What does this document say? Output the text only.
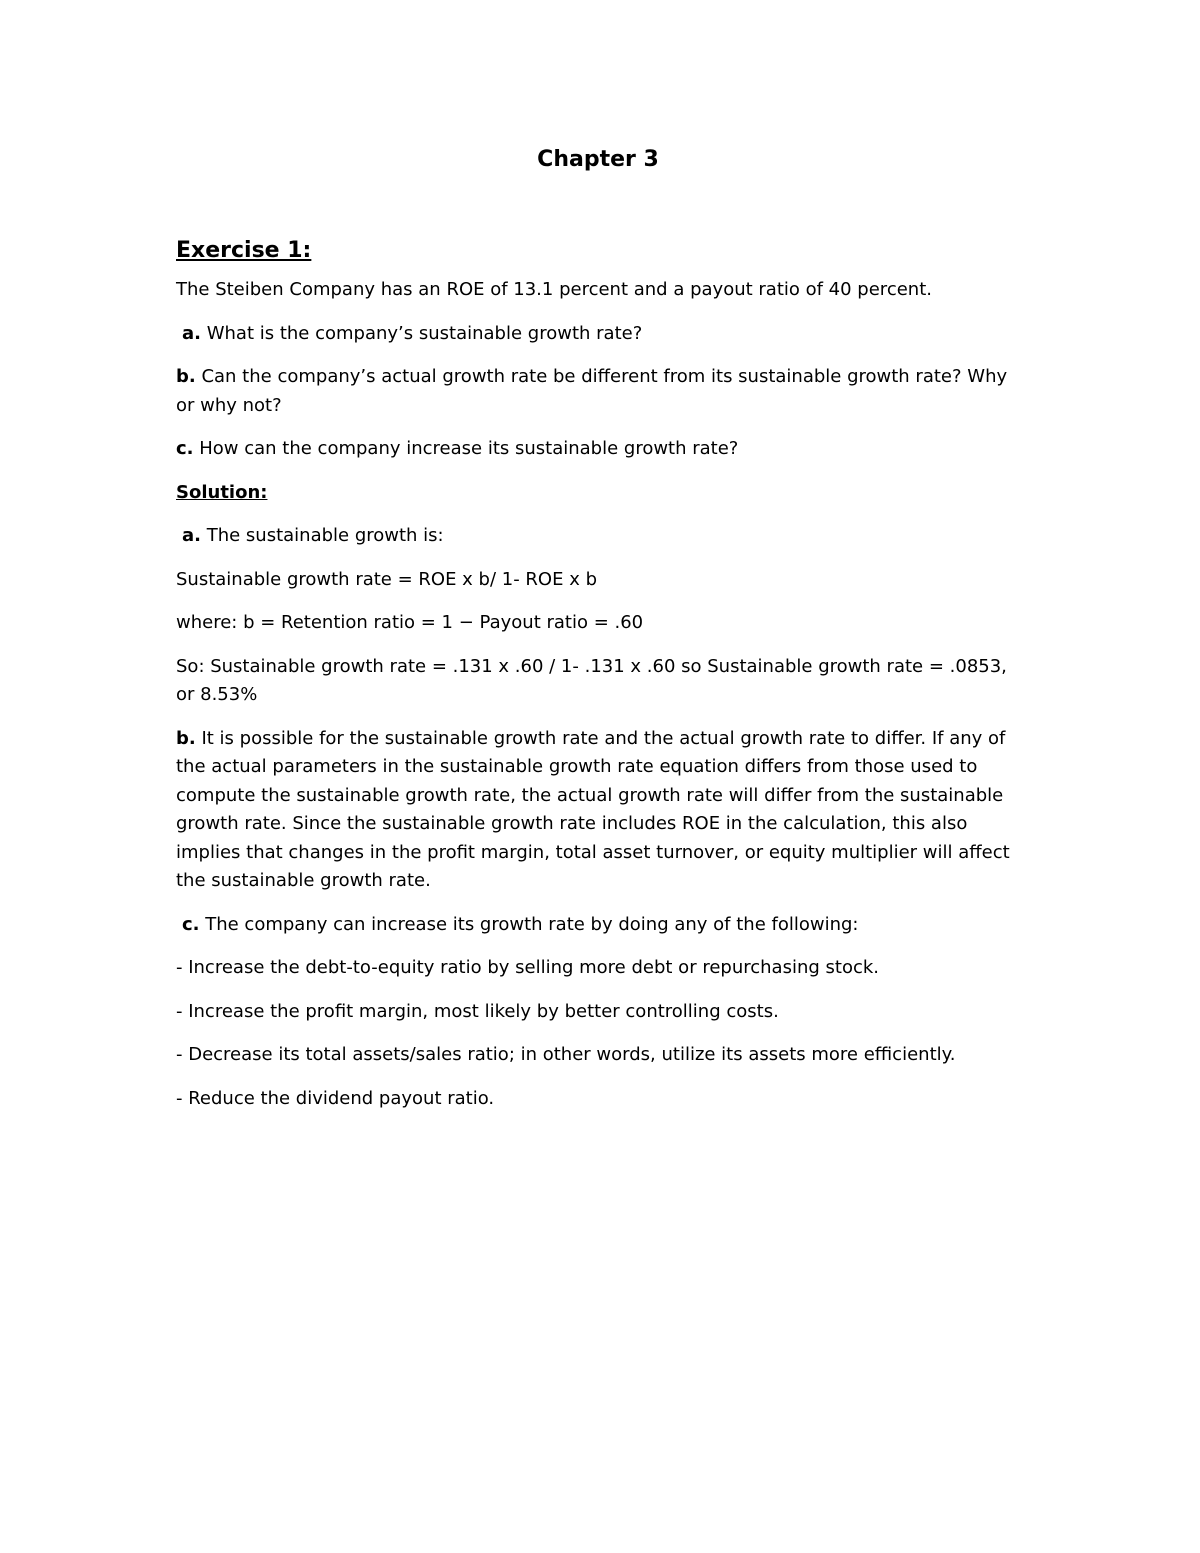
Chapter 3
Exercise 1:

The Steiben Company has an ROE of 13.1 percent and a payout ratio of 40 percent.

a. What is the company’s sustainable growth rate?

b. Can the company’s actual growth rate be different from its sustainable growth rate? Why or why not?

c. How can the company increase its sustainable growth rate?

Solution:

a. The sustainable growth is:

Sustainable growth rate = ROE x b/ 1- ROE x b

where: b = Retention ratio = 1 − Payout ratio = .60

So: Sustainable growth rate = .131 x .60 / 1- .131 x .60 so Sustainable growth rate = .0853, or 8.53%

b. It is possible for the sustainable growth rate and the actual growth rate to differ. If any of the actual parameters in the sustainable growth rate equation differs from those used to compute the sustainable growth rate, the actual growth rate will differ from the sustainable growth rate. Since the sustainable growth rate includes ROE in the calculation, this also implies that changes in the profit margin, total asset turnover, or equity multiplier will affect the sustainable growth rate.

c. The company can increase its growth rate by doing any of the following:

- Increase the debt-to-equity ratio by selling more debt or repurchasing stock.

- Increase the profit margin, most likely by better controlling costs.

- Decrease its total assets/sales ratio; in other words, utilize its assets more efficiently.

- Reduce the dividend payout ratio.
